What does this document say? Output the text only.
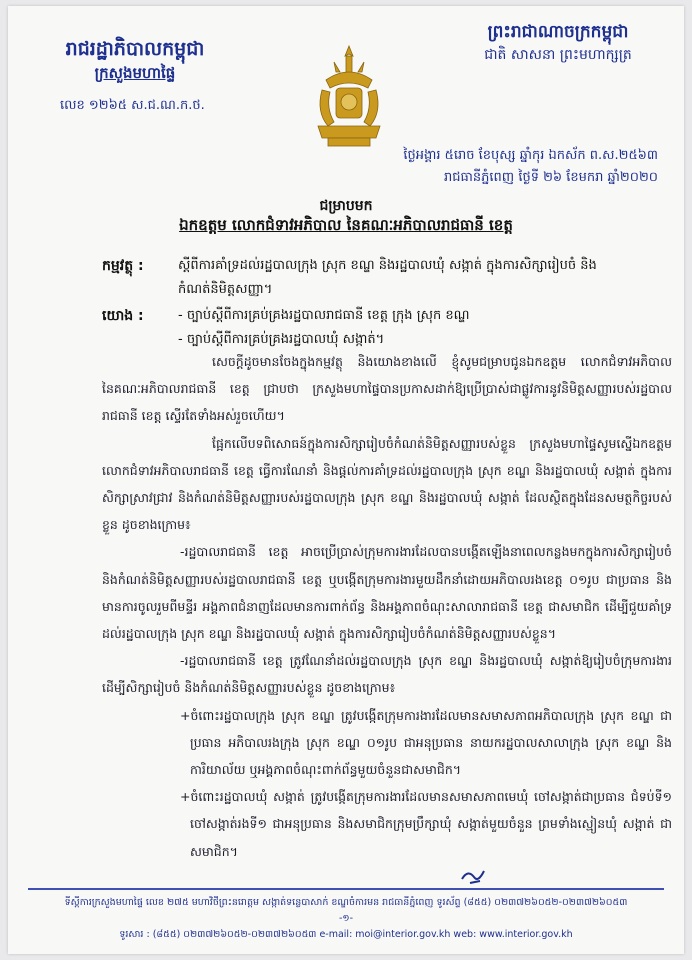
រាជរដ្ឋាភិបាលកម្ពុជា
ក្រសួងមហាផ្ទៃ
លេខ ១២៦៥ ស.ជ.ណ.ក.ថ.
ព្រះរាជាណាចក្រកម្ពុជា
ជាតិ សាសនា ព្រះមហាក្សត្រ
ថ្ងៃអង្គារ ៥រោច ខែបុស្ស ឆ្នាំកុរ ឯកស័ក ព.ស.២៥៦៣
រាជធានីភ្នំពេញ ថ្ងៃទី ២៦ ខែមករា ឆ្នាំ២០២០
ជម្រាបមក
ឯកឧត្តម លោកជំទាវអភិបាល នៃគណៈអភិបាលរាជធានី ខេត្ត
កម្មវត្ថុ :	ស្ដីពីការគាំទ្រដល់រដ្ឋបាលក្រុង ស្រុក ខណ្ឌ និងរដ្ឋបាលឃុំ សង្កាត់ ក្នុងការសិក្សារៀបចំ និង
កំណត់និមិត្តសញ្ញា។
យោង :	- ច្បាប់ស្ដីពីការគ្រប់គ្រងរដ្ឋបាលរាជធានី ខេត្ត ក្រុង ស្រុក ខណ្ឌ
- ច្បាប់ស្ដីពីការគ្រប់គ្រងរដ្ឋបាលឃុំ សង្កាត់។

សេចក្ដីដូចមានចែងក្នុងកម្មវត្ថុ និងយោងខាងលើ ខ្ញុំសូមជម្រាបជូនឯកឧត្តម លោកជំទាវអភិបាល នៃគណៈអភិបាលរាជធានី ខេត្ត ជ្រាបថា ក្រសួងមហាផ្ទៃបានប្រកាសដាក់ឱ្យប្រើប្រាស់ជាផ្លូវការនូវនិមិត្តសញ្ញារបស់រដ្ឋបាលរាជធានី ខេត្ត ស្ទើរតែទាំងអស់រួចហើយ។

ផ្អែកលើបទពិសោធន៍ក្នុងការសិក្សារៀបចំកំណត់និមិត្តសញ្ញារបស់ខ្លួន ក្រសួងមហាផ្ទៃសូមស្នើឯកឧត្តម លោកជំទាវអភិបាលរាជធានី ខេត្ត ធ្វើការណែនាំ និងផ្ដល់ការគាំទ្រដល់រដ្ឋបាលក្រុង ស្រុក ខណ្ឌ និងរដ្ឋបាលឃុំ សង្កាត់ ក្នុងការសិក្សាស្រាវជ្រាវ និងកំណត់និមិត្តសញ្ញារបស់រដ្ឋបាលក្រុង ស្រុក ខណ្ឌ និងរដ្ឋបាលឃុំ សង្កាត់ ដែលស្ថិតក្នុងដែនសមត្ថកិច្ចរបស់ខ្លួន ដូចខាងក្រោម៖

-រដ្ឋបាលរាជធានី ខេត្ត អាចប្រើប្រាស់ក្រុមការងារដែលបានបង្កើតឡើងនាពេលកន្លងមកក្នុងការសិក្សារៀបចំ និងកំណត់និមិត្តសញ្ញារបស់រដ្ឋបាលរាជធានី ខេត្ត ឬបង្កើតក្រុមការងារមួយដឹកនាំដោយអភិបាលរងខេត្ត ០១រូប ជាប្រធាន និងមានការចូលរួមពីមន្ទីរ អង្គភាពជំនាញដែលមានការពាក់ព័ន្ធ និងអង្គភាពចំណុះសាលារាជធានី ខេត្ត ជាសមាជិក ដើម្បីជួយគាំទ្រដល់រដ្ឋបាលក្រុង ស្រុក ខណ្ឌ និងរដ្ឋបាលឃុំ សង្កាត់ ក្នុងការសិក្សារៀបចំកំណត់និមិត្តសញ្ញារបស់ខ្លួន។

-រដ្ឋបាលរាជធានី ខេត្ត ត្រូវណែនាំដល់រដ្ឋបាលក្រុង ស្រុក ខណ្ឌ និងរដ្ឋបាលឃុំ សង្កាត់ឱ្យរៀបចំក្រុមការងារដើម្បីសិក្សារៀបចំ និងកំណត់និមិត្តសញ្ញារបស់ខ្លួន ដូចខាងក្រោម៖

+ចំពោះរដ្ឋបាលក្រុង ស្រុក ខណ្ឌ ត្រូវបង្កើតក្រុមការងារដែលមានសមាសភាពអភិបាលក្រុង ស្រុក ខណ្ឌ ជាប្រធាន អភិបាលរងក្រុង ស្រុក ខណ្ឌ ០១រូប ជាអនុប្រធាន នាយករដ្ឋបាលសាលាក្រុង ស្រុក ខណ្ឌ និងការិយាល័យ ឬអង្គភាពចំណុះពាក់ព័ន្ធមួយចំនួនជាសមាជិក។

+ចំពោះរដ្ឋបាលឃុំ សង្កាត់ ត្រូវបង្កើតក្រុមការងារដែលមានសមាសភាពមេឃុំ ចៅសង្កាត់ជាប្រធាន ជំទប់ទី១ ចៅសង្កាត់រងទី១ ជាអនុប្រធាន និងសមាជិកក្រុមប្រឹក្សាឃុំ សង្កាត់មួយចំនួន ព្រមទាំងស្មៀនឃុំ សង្កាត់ ជាសមាជិក។

ទីស្ដីការក្រសួងមហាផ្ទៃ លេខ ២៧៥ មហាវិថីព្រះនរោត្តម សង្កាត់ទន្លេបាសាក់ ខណ្ឌចំការមន រាជធានីភ្នំពេញ ទូរស័ព្ទ (៨៥៥) ០២៣៧២៦០៥២-០២៣៧២៦០៥៣
-១-
ទូរសារ : (៨៥៥) ០២៣៧២៦០៥២-០២៣៧២៦០៥៣ e-mail: moi@interior.gov.kh web: www.interior.gov.kh
